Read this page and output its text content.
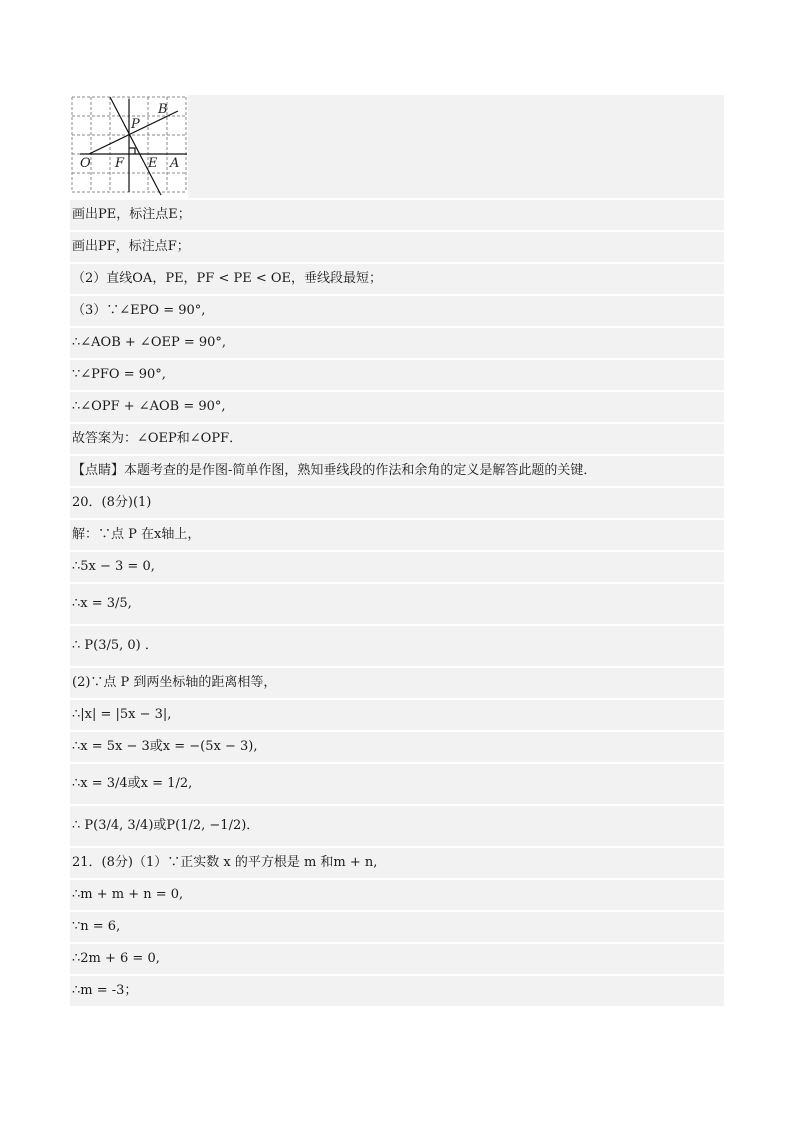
B
P
O F E A
画出PE，标注点E；
画出PF，标注点F；
（2）直线OA，PE，PF < PE < OE，垂线段最短；
（3）∵∠EPO = 90°,
∴∠AOB + ∠OEP = 90°,
∵∠PFO = 90°,
∴∠OPF + ∠AOB = 90°,
故答案为：∠OEP和∠OPF．
【点睛】本题考查的是作图-简单作图，熟知垂线段的作法和余角的定义是解答此题的关键．
20．(8分)(1)
解：∵点 P 在x轴上，
∴5x − 3 = 0,
∴x = 3/5,
∴ P(3/5, 0) ．
(2)∵点 P 到两坐标轴的距离相等，
∴|x| = |5x − 3|,
∴x = 5x − 3或x = −(5x − 3),
∴x = 3/4或x = 1/2,
∴ P(3/4, 3/4)或P(1/2, −1/2)．
21．(8分)（1）∵正实数 x 的平方根是 m 和m + n,
∴m + m + n = 0,
∵n = 6,
∴2m + 6 = 0,
∴m = -3；
